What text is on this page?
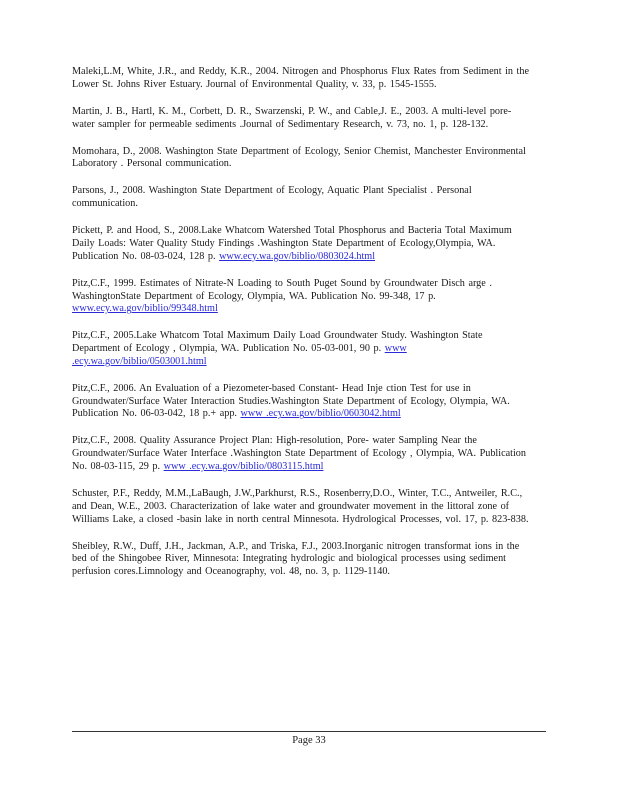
Maleki,L.M, White, J.R., and Reddy, K.R., 2004. Nitrogen and Phosphorus Flux Rates from Sediment in the Lower St. Johns River Estuary. Journal of Environmental Quality, v. 33, p. 1545-1555.

Martin, J. B., Hartl, K. M., Corbett, D. R., Swarzenski, P. W., and Cable,J. E., 2003. A multi-level pore- water sampler for permeable sediments .Journal of Sedimentary Research, v. 73, no. 1, p. 128-132.

Momohara, D., 2008. Washington State Department of Ecology, Senior Chemist, Manchester Environmental Laboratory . Personal communication.

Parsons, J., 2008. Washington State Department of Ecology, Aquatic Plant Specialist . Personal communication.

Pickett, P. and Hood, S., 2008.Lake Whatcom Watershed Total Phosphorus and Bacteria Total Maximum Daily Loads: Water Quality Study Findings .Washington State Department of Ecology,Olympia, WA. Publication No. 08-03-024, 128 p. www.ecy.wa.gov/biblio/0803024.html

Pitz,C.F., 1999. Estimates of Nitrate-N Loading to South Puget Sound by Groundwater Disch arge . WashingtonState Department of Ecology, Olympia, WA. Publication No. 99-348, 17 p. www.ecy.wa.gov/biblio/99348.html

Pitz,C.F., 2005.Lake Whatcom Total Maximum Daily Load Groundwater Study. Washington State Department of Ecology , Olympia, WA. Publication No. 05-03-001, 90 p. www .ecy.wa.gov/biblio/0503001.html

Pitz,C.F., 2006. An Evaluation of a Piezometer-based Constant- Head Inje ction Test for use in Groundwater/Surface Water Interaction Studies.Washington State Department of Ecology, Olympia, WA. Publication No. 06-03-042, 18 p.+ app. www .ecy.wa.gov/biblio/0603042.html

Pitz,C.F., 2008. Quality Assurance Project Plan: High-resolution, Pore- water Sampling Near the Groundwater/Surface Water Interface .Washington State Department of Ecology , Olympia, WA. Publication No. 08-03-115, 29 p. www .ecy.wa.gov/biblio/0803115.html

Schuster, P.F., Reddy, M.M.,LaBaugh, J.W.,Parkhurst, R.S., Rosenberry,D.O., Winter, T.C., Antweiler, R.C., and Dean, W.E., 2003. Characterization of lake water and groundwater movement in the littoral zone of Williams Lake, a closed -basin lake in north central Minnesota. Hydrological Processes, vol. 17, p. 823-838.

Sheibley, R.W., Duff, J.H., Jackman, A.P., and Triska, F.J., 2003.Inorganic nitrogen transformat ions in the bed of the Shingobee River, Minnesota: Integrating hydrologic and biological processes using sediment perfusion cores.Limnology and Oceanography, vol. 48, no. 3, p. 1129-1140.

Page 33
